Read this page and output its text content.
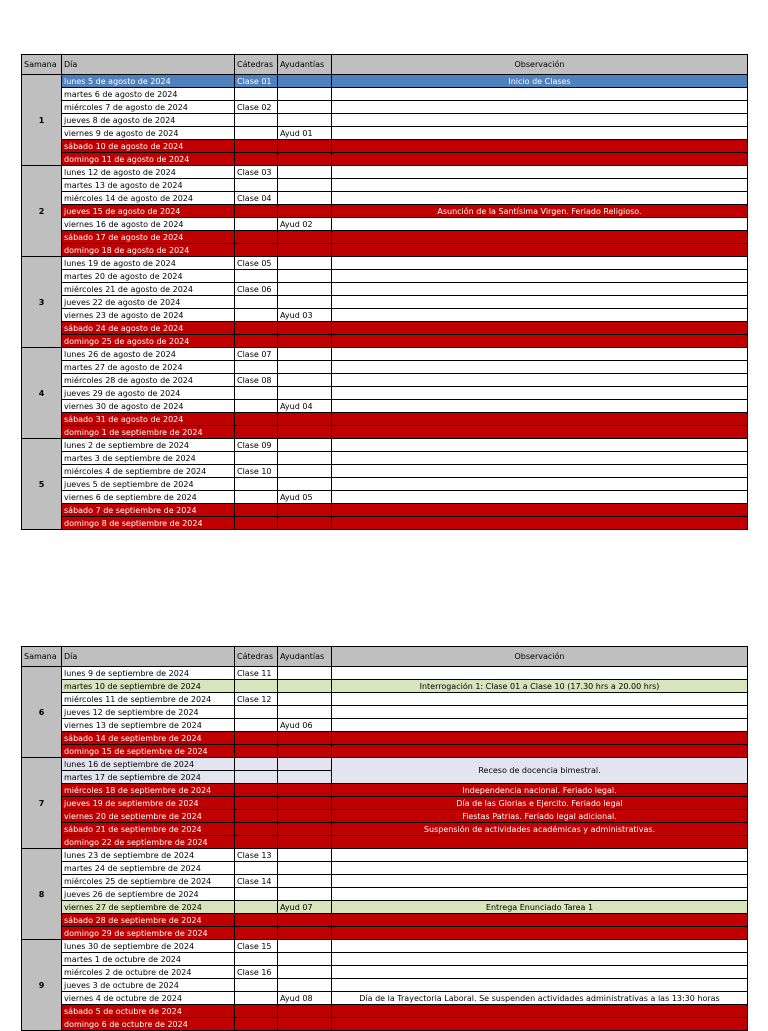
Samana	Día	Cátedras	Ayudantías	Observación
1	lunes 5 de agosto de 2024	Clase 01		Inicio de Clases
	martes 6 de agosto de 2024			
	miércoles 7 de agosto de 2024	Clase 02		
	jueves 8 de agosto de 2024			
	viernes 9 de agosto de 2024		Ayud 01	
	sábado 10 de agosto de 2024			
	domingo 11 de agosto de 2024			
2	lunes 12 de agosto de 2024	Clase 03		
	martes 13 de agosto de 2024			
	miércoles 14 de agosto de 2024	Clase 04		
	jueves 15 de agosto de 2024			Asunción de la Santísima Virgen. Feriado Religioso.
	viernes 16 de agosto de 2024		Ayud 02	
	sábado 17 de agosto de 2024			
	domingo 18 de agosto de 2024			
3	lunes 19 de agosto de 2024	Clase 05		
	martes 20 de agosto de 2024			
	miércoles 21 de agosto de 2024	Clase 06		
	jueves 22 de agosto de 2024			
	viernes 23 de agosto de 2024		Ayud 03	
	sábado 24 de agosto de 2024			
	domingo 25 de agosto de 2024			
4	lunes 26 de agosto de 2024	Clase 07		
	martes 27 de agosto de 2024			
	miércoles 28 de agosto de 2024	Clase 08		
	jueves 29 de agosto de 2024			
	viernes 30 de agosto de 2024		Ayud 04	
	sábado 31 de agosto de 2024			
	domingo 1 de septiembre de 2024			
5	lunes 2 de septiembre de 2024	Clase 09		
	martes 3 de septiembre de 2024			
	miércoles 4 de septiembre de 2024	Clase 10		
	jueves 5 de septiembre de 2024			
	viernes 6 de septiembre de 2024		Ayud 05	
	sábado 7 de septiembre de 2024			
	domingo 8 de septiembre de 2024			
Samana	Día	Cátedras	Ayudantías	Observación
6	lunes 9 de septiembre de 2024	Clase 11		
	martes 10 de septiembre de 2024			Interrogación 1: Clase 01 a Clase 10 (17.30 hrs a 20.00 hrs)
	miércoles 11 de septiembre de 2024	Clase 12		
	jueves 12 de septiembre de 2024			
	viernes 13 de septiembre de 2024		Ayud 06	
	sábado 14 de septiembre de 2024			
	domingo 15 de septiembre de 2024			
7	lunes 16 de septiembre de 2024			Receso de docencia bimestral.
	martes 17 de septiembre de 2024			
	miércoles 18 de septiembre de 2024			Independencia nacional. Feriado legal.
	jueves 19 de septiembre de 2024			Día de las Glorias e Ejercito. Feriado legal
	viernes 20 de septiembre de 2024			Fiestas Patrias. Feriado legal adicional.
	sábado 21 de septiembre de 2024			Suspensión de actividades académicas y administrativas.
	domingo 22 de septiembre de 2024			
8	lunes 23 de septiembre de 2024	Clase 13		
	martes 24 de septiembre de 2024			
	miércoles 25 de septiembre de 2024	Clase 14		
	jueves 26 de septiembre de 2024			
	viernes 27 de septiembre de 2024		Ayud 07	Entrega Enunciado Tarea 1
	sábado 28 de septiembre de 2024			
	domingo 29 de septiembre de 2024			
9	lunes 30 de septiembre de 2024	Clase 15		
	martes 1 de octubre de 2024			
	miércoles 2 de octubre de 2024	Clase 16		
	jueves 3 de octubre de 2024			
	viernes 4 de octubre de 2024		Ayud 08	Día de la Trayectoria Laboral. Se suspenden actividades administrativas a las 13:30 horas
	sábado 5 de octubre de 2024			
	domingo 6 de octubre de 2024			
